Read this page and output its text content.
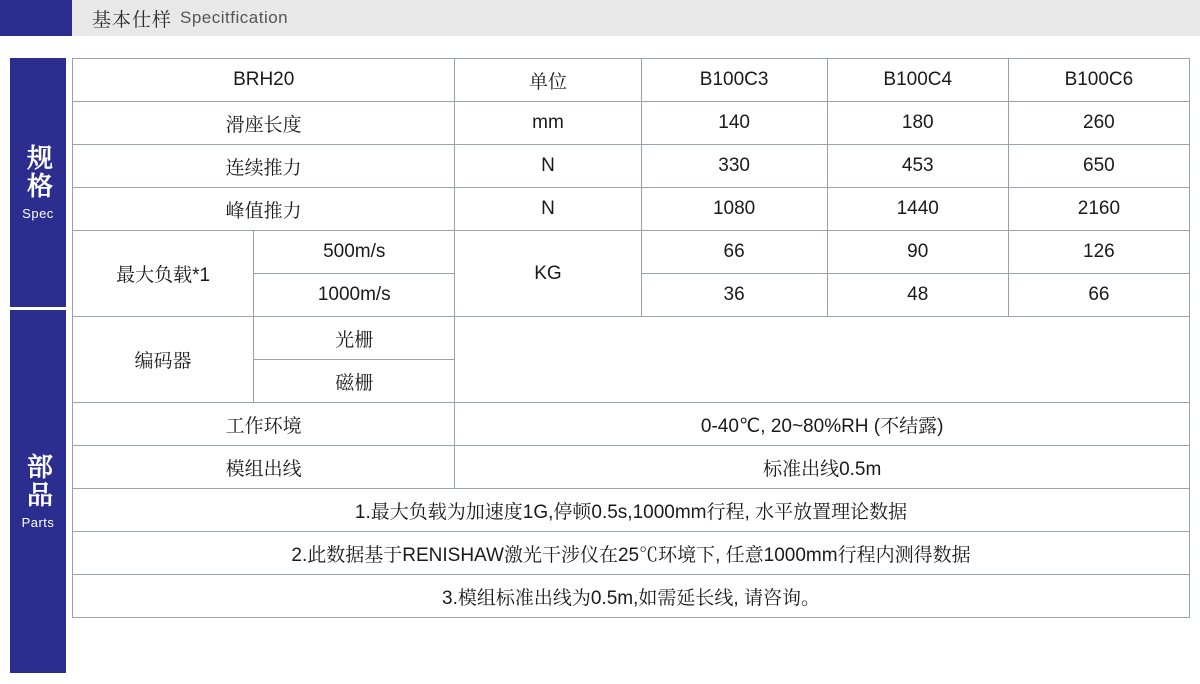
基本仕样 Specitfication
规格
Spec
部品
Parts
BRH20		单位	B100C3	B100C4	B100C6
滑座长度		mm	140	180	260
连续推力		N	330	453	650
峰值推力		N	1080	1440	2160
最大负载*1	500m/s	KG	66	90	126
	1000m/s		36	48	66
编码器	光栅				
	磁栅				
工作环境		0-40℃, 20~80%RH (不结露)			
模组出线		标准出线0.5m			
1.最大负载为加速度1G,停顿0.5s,1000mm行程, 水平放置理论数据					
2.此数据基于RENISHAW激光干涉仪在25℃环境下, 任意1000mm行程内测得数据					
3.模组标准出线为0.5m,如需延长线, 请咨询。					
